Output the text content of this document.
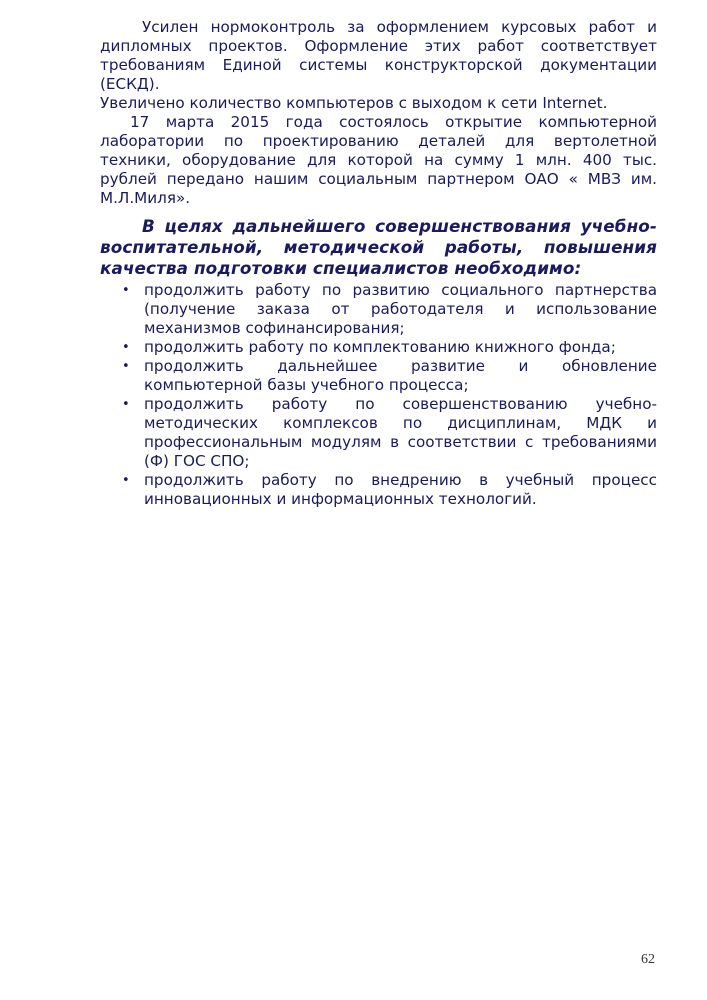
Усилен нормоконтроль за оформлением курсовых работ и дипломных проектов. Оформление этих работ соответствует требованиям Единой системы конструкторской документации (ЕСКД).

Увеличено количество компьютеров с выходом к сети Internet.

17 марта 2015 года состоялось открытие компьютерной лаборатории по проектированию деталей для вертолетной техники, оборудование для которой на сумму 1 млн. 400 тыс. рублей передано нашим социальным партнером ОАО « МВЗ им. М.Л.Миля».

В целях дальнейшего совершенствования учебно-воспитательной, методической работы, повышения качества подготовки специалистов необходимо:

• продолжить работу по развитию социального партнерства (получение заказа от работодателя и использование механизмов софинансирования;
• продолжить работу по комплектованию книжного фонда;
• продолжить дальнейшее развитие и обновление компьютерной базы учебного процесса;
• продолжить работу по совершенствованию учебно-методических комплексов по дисциплинам, МДК и профессиональным модулям в соответствии с требованиями (Ф) ГОС СПО;
• продолжить работу по внедрению в учебный процесс инновационных и информационных технологий.
62
